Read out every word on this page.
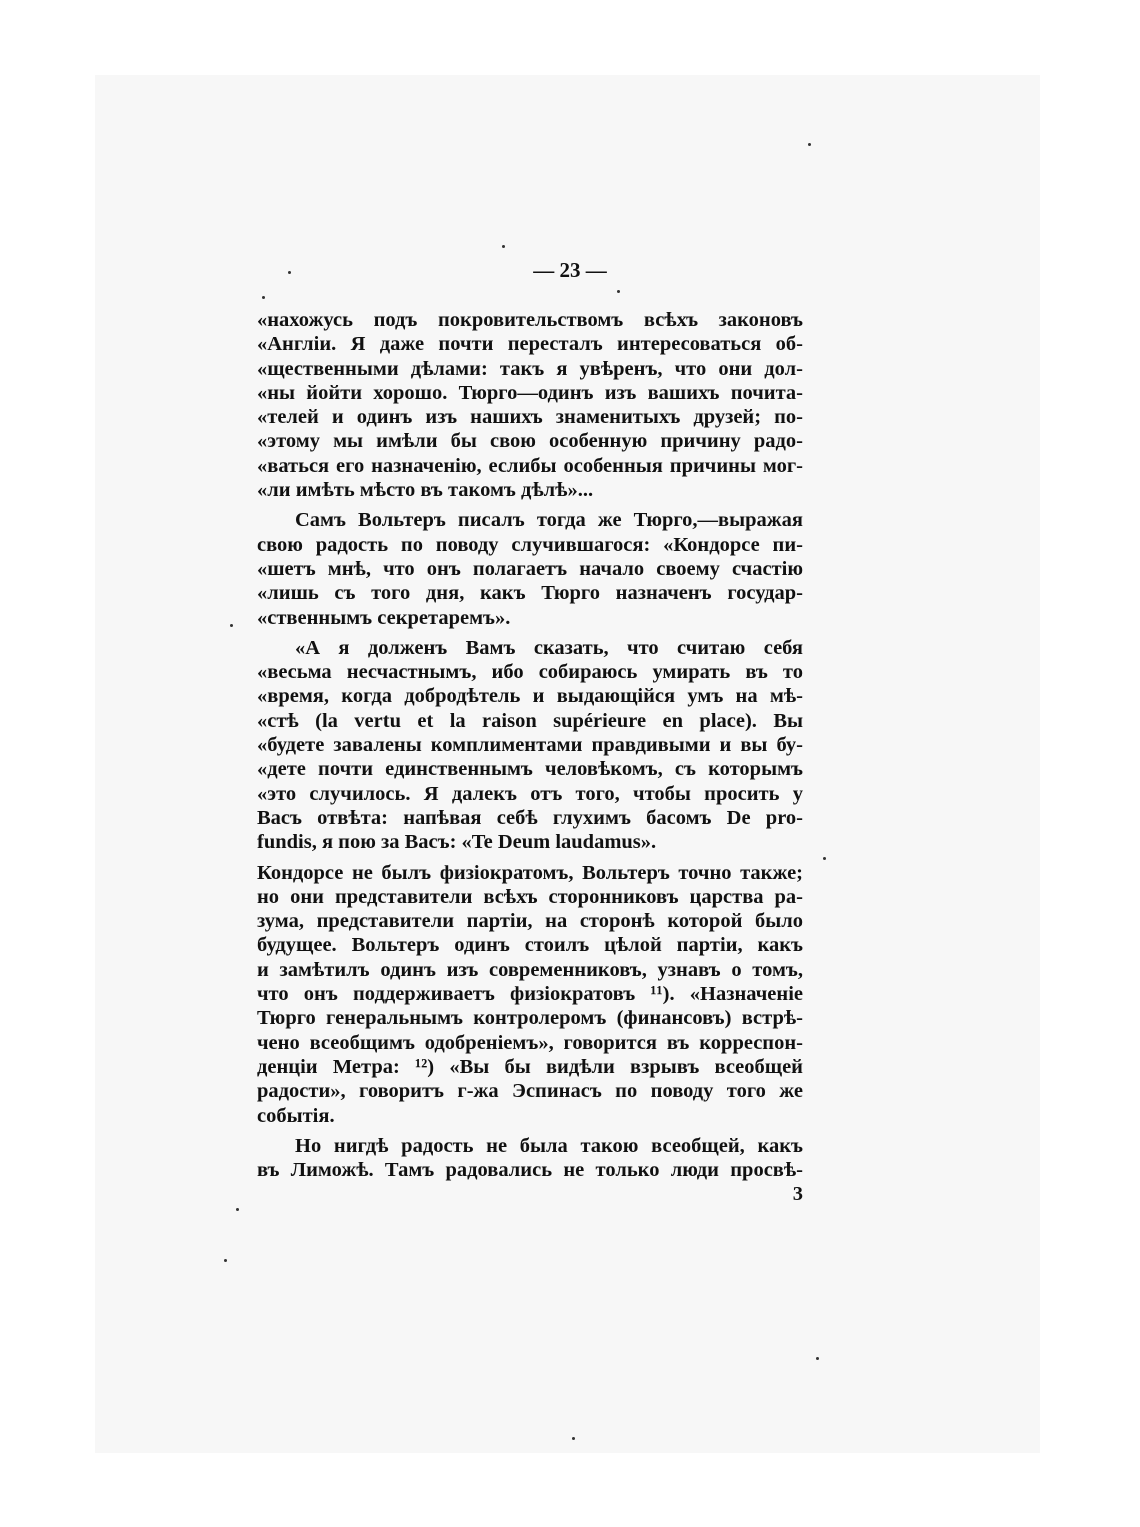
— 23 —
«нахожусь подъ покровительствомъ всѣхъ законовъ
«Англіи. Я даже почти пересталъ интересоваться об-
«щественными дѣлами: такъ я увѣренъ, что они дол-
«ны йойти хорошо. Тюрго—одинъ изъ вашихъ почита-
«телей и одинъ изъ нашихъ знаменитыхъ друзей; по-
«этому мы имѣли бы свою особенную причину радо-
«ваться его назначенію, еслибы особенныя причины мог-
«ли имѣть мѣсто въ такомъ дѣлѣ»...
Самъ Вольтеръ писалъ тогда же Тюрго,—выражая
свою радость по поводу случившагося: «Кондорсе пи-
«шетъ мнѣ, что онъ полагаетъ начало своему счастію
«лишь съ того дня, какъ Тюрго назначенъ государ-
«ственнымъ секретаремъ».
«А я долженъ Вамъ сказать, что считаю себя
«весьма несчастнымъ, ибо собираюсь умирать въ то
«время, когда добродѣтель и выдающійся умъ на мѣ-
«стѣ (la vertu et la raison supérieure en place). Вы
«будете завалены комплиментами правдивыми и вы бу-
«дете почти единственнымъ человѣкомъ, съ которымъ
«это случилось. Я далекъ отъ того, чтобы просить у
Васъ отвѣта: напѣвая себѣ глухимъ басомъ De pro-
fundis, я пою за Васъ: «Te Deum laudamus».
Кондорсе не былъ физіократомъ, Вольтеръ точно также;
но они представители всѣхъ сторонниковъ царства ра-
зума, представители партіи, на сторонѣ которой было
будущее. Вольтеръ одинъ стоилъ цѣлой партіи, какъ
и замѣтилъ одинъ изъ современниковъ, узнавъ о томъ,
что онъ поддерживаетъ физіократовъ ¹¹). «Назначеніе
Тюрго генеральнымъ контролеромъ (финансовъ) встрѣ-
чено всеобщимъ одобреніемъ», говорится въ корреспон-
денціи Метра: ¹²) «Вы бы видѣли взрывъ всеобщей
радости», говоритъ г-жа Эспинасъ по поводу того же
событія.
Но нигдѣ радость не была такою всеобщей, какъ
въ Лиможѣ. Тамъ радовались не только люди просвѣ-
3
